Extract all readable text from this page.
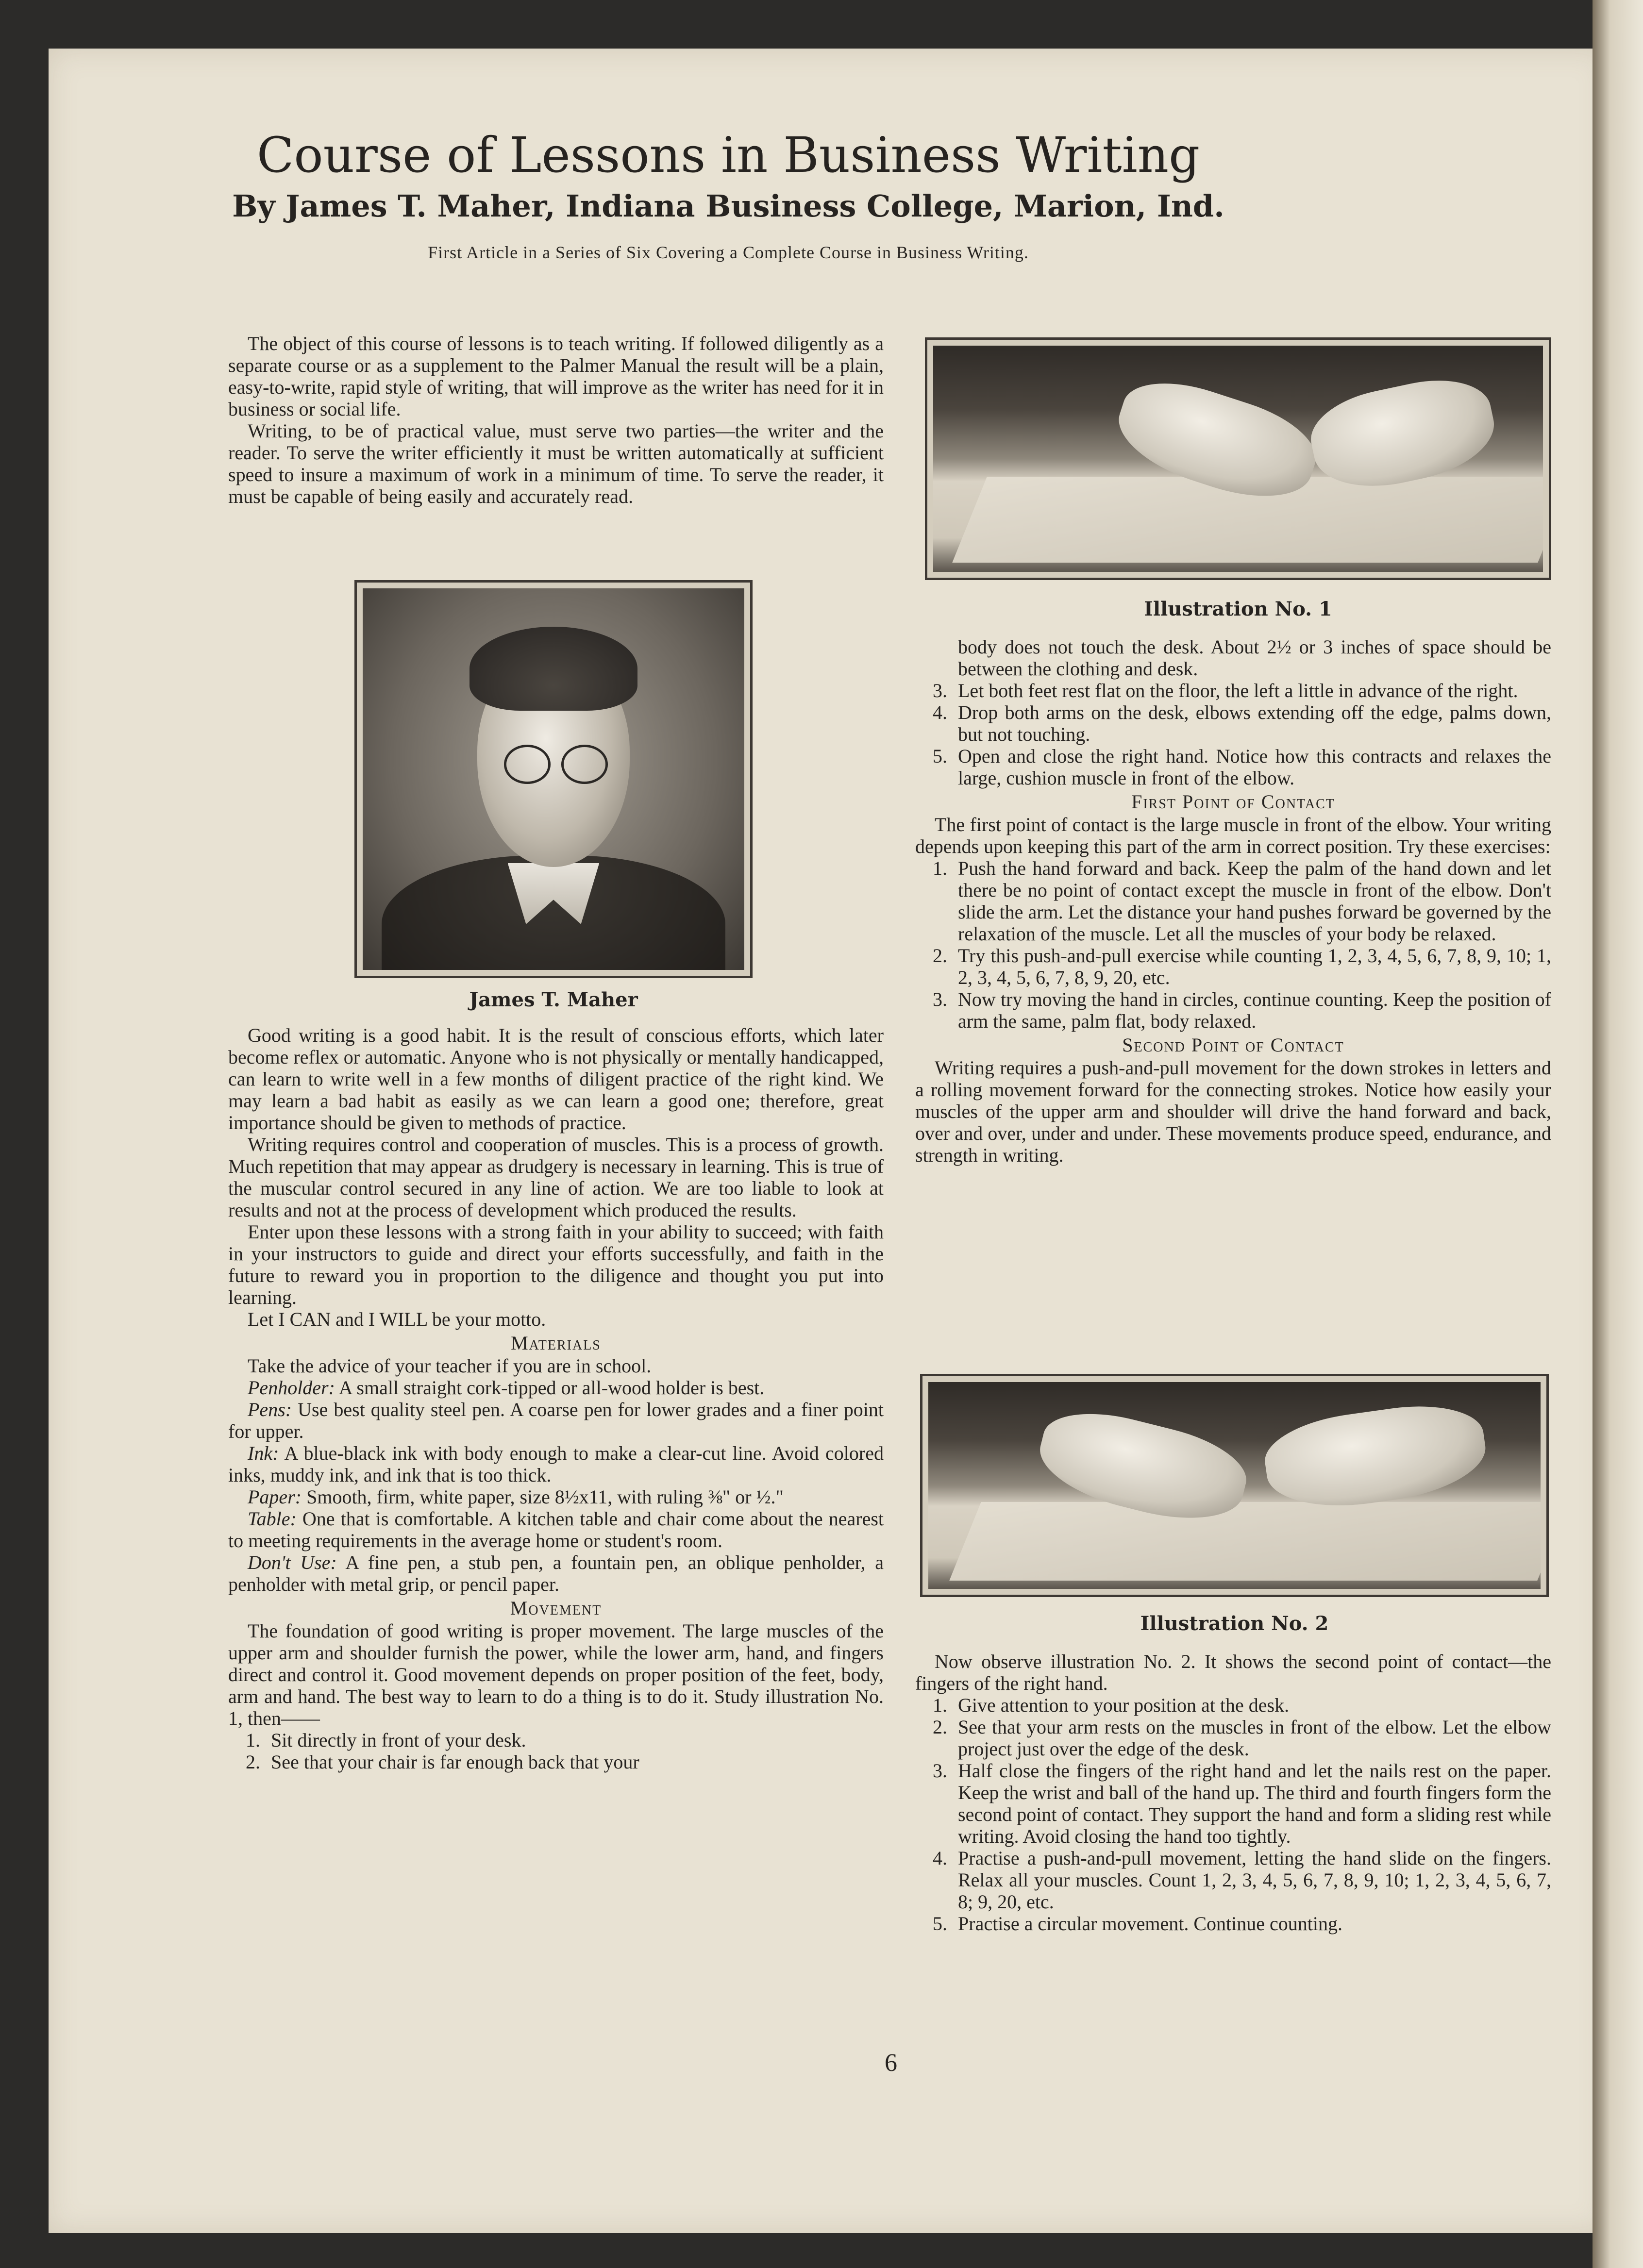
Course of Lessons in Business Writing
By James T. Maher, Indiana Business College, Marion, Ind.
First Article in a Series of Six Covering a Complete Course in Business Writing.

The object of this course of lessons is to teach writing. If followed diligently as a separate course or as a supplement to the Palmer Manual the result will be a plain, easy-to-write, rapid style of writing, that will improve as the writer has need for it in business or social life.

Writing, to be of practical value, must serve two parties—the writer and the reader. To serve the writer efficiently it must be written automatically at sufficient speed to insure a maximum of work in a minimum of time. To serve the reader, it must be capable of being easily and accurately read.

James T. Maher

Good writing is a good habit. It is the result of conscious efforts, which later become reflex or automatic. Anyone who is not physically or mentally handicapped, can learn to write well in a few months of diligent practice of the right kind. We may learn a bad habit as easily as we can learn a good one; therefore, great importance should be given to methods of practice.

Writing requires control and cooperation of muscles. This is a process of growth. Much repetition that may appear as drudgery is necessary in learning. This is true of the muscular control secured in any line of action. We are too liable to look at results and not at the process of development which produced the results.

Enter upon these lessons with a strong faith in your ability to succeed; with faith in your instructors to guide and direct your efforts successfully, and faith in the future to reward you in proportion to the diligence and thought you put into learning.

Let I CAN and I WILL be your motto.

Materials

Take the advice of your teacher if you are in school.

Penholder: A small straight cork-tipped or all-wood holder is best.

Pens: Use best quality steel pen. A coarse pen for lower grades and a finer point for upper.

Ink: A blue-black ink with body enough to make a clear-cut line. Avoid colored inks, muddy ink, and ink that is too thick.

Paper: Smooth, firm, white paper, size 8½x11, with ruling ⅜" or ½."

Table: One that is comfortable. A kitchen table and chair come about the nearest to meeting requirements in the average home or student's room.

Don't Use: A fine pen, a stub pen, a fountain pen, an oblique penholder, a penholder with metal grip, or pencil paper.

Movement

The foundation of good writing is proper movement. The large muscles of the upper arm and shoulder furnish the power, while the lower arm, hand, and fingers direct and control it. Good movement depends on proper position of the feet, body, arm and hand. The best way to learn to do a thing is to do it. Study illustration No. 1, then——

1. Sit directly in front of your desk.
2. See that your chair is far enough back that your
Illustration No. 1

body does not touch the desk. About 2½ or 3 inches of space should be between the clothing and desk.

3. Let both feet rest flat on the floor, the left a little in advance of the right.
4. Drop both arms on the desk, elbows extending off the edge, palms down, but not touching.
5. Open and close the right hand. Notice how this contracts and relaxes the large, cushion muscle in front of the elbow.
First Point of Contact

The first point of contact is the large muscle in front of the elbow. Your writing depends upon keeping this part of the arm in correct position. Try these exercises:

1. Push the hand forward and back. Keep the palm of the hand down and let there be no point of contact except the muscle in front of the elbow. Don't slide the arm. Let the distance your hand pushes forward be governed by the relaxation of the muscle. Let all the muscles of your body be relaxed.
2. Try this push-and-pull exercise while counting 1, 2, 3, 4, 5, 6, 7, 8, 9, 10; 1, 2, 3, 4, 5, 6, 7, 8, 9, 20, etc.
3. Now try moving the hand in circles, continue counting. Keep the position of arm the same, palm flat, body relaxed.
Second Point of Contact

Writing requires a push-and-pull movement for the down strokes in letters and a rolling movement forward for the connecting strokes. Notice how easily your muscles of the upper arm and shoulder will drive the hand forward and back, over and over, under and under. These movements produce speed, endurance, and strength in writing.

Illustration No. 2

Now observe illustration No. 2. It shows the second point of contact—the fingers of the right hand.

1. Give attention to your position at the desk.
2. See that your arm rests on the muscles in front of the elbow. Let the elbow project just over the edge of the desk.
3. Half close the fingers of the right hand and let the nails rest on the paper. Keep the wrist and ball of the hand up. The third and fourth fingers form the second point of contact. They support the hand and form a sliding rest while writing. Avoid closing the hand too tightly.
4. Practise a push-and-pull movement, letting the hand slide on the fingers. Relax all your muscles. Count 1, 2, 3, 4, 5, 6, 7, 8, 9, 10; 1, 2, 3, 4, 5, 6, 7, 8; 9, 20, etc.
5. Practise a circular movement. Continue counting.
6
